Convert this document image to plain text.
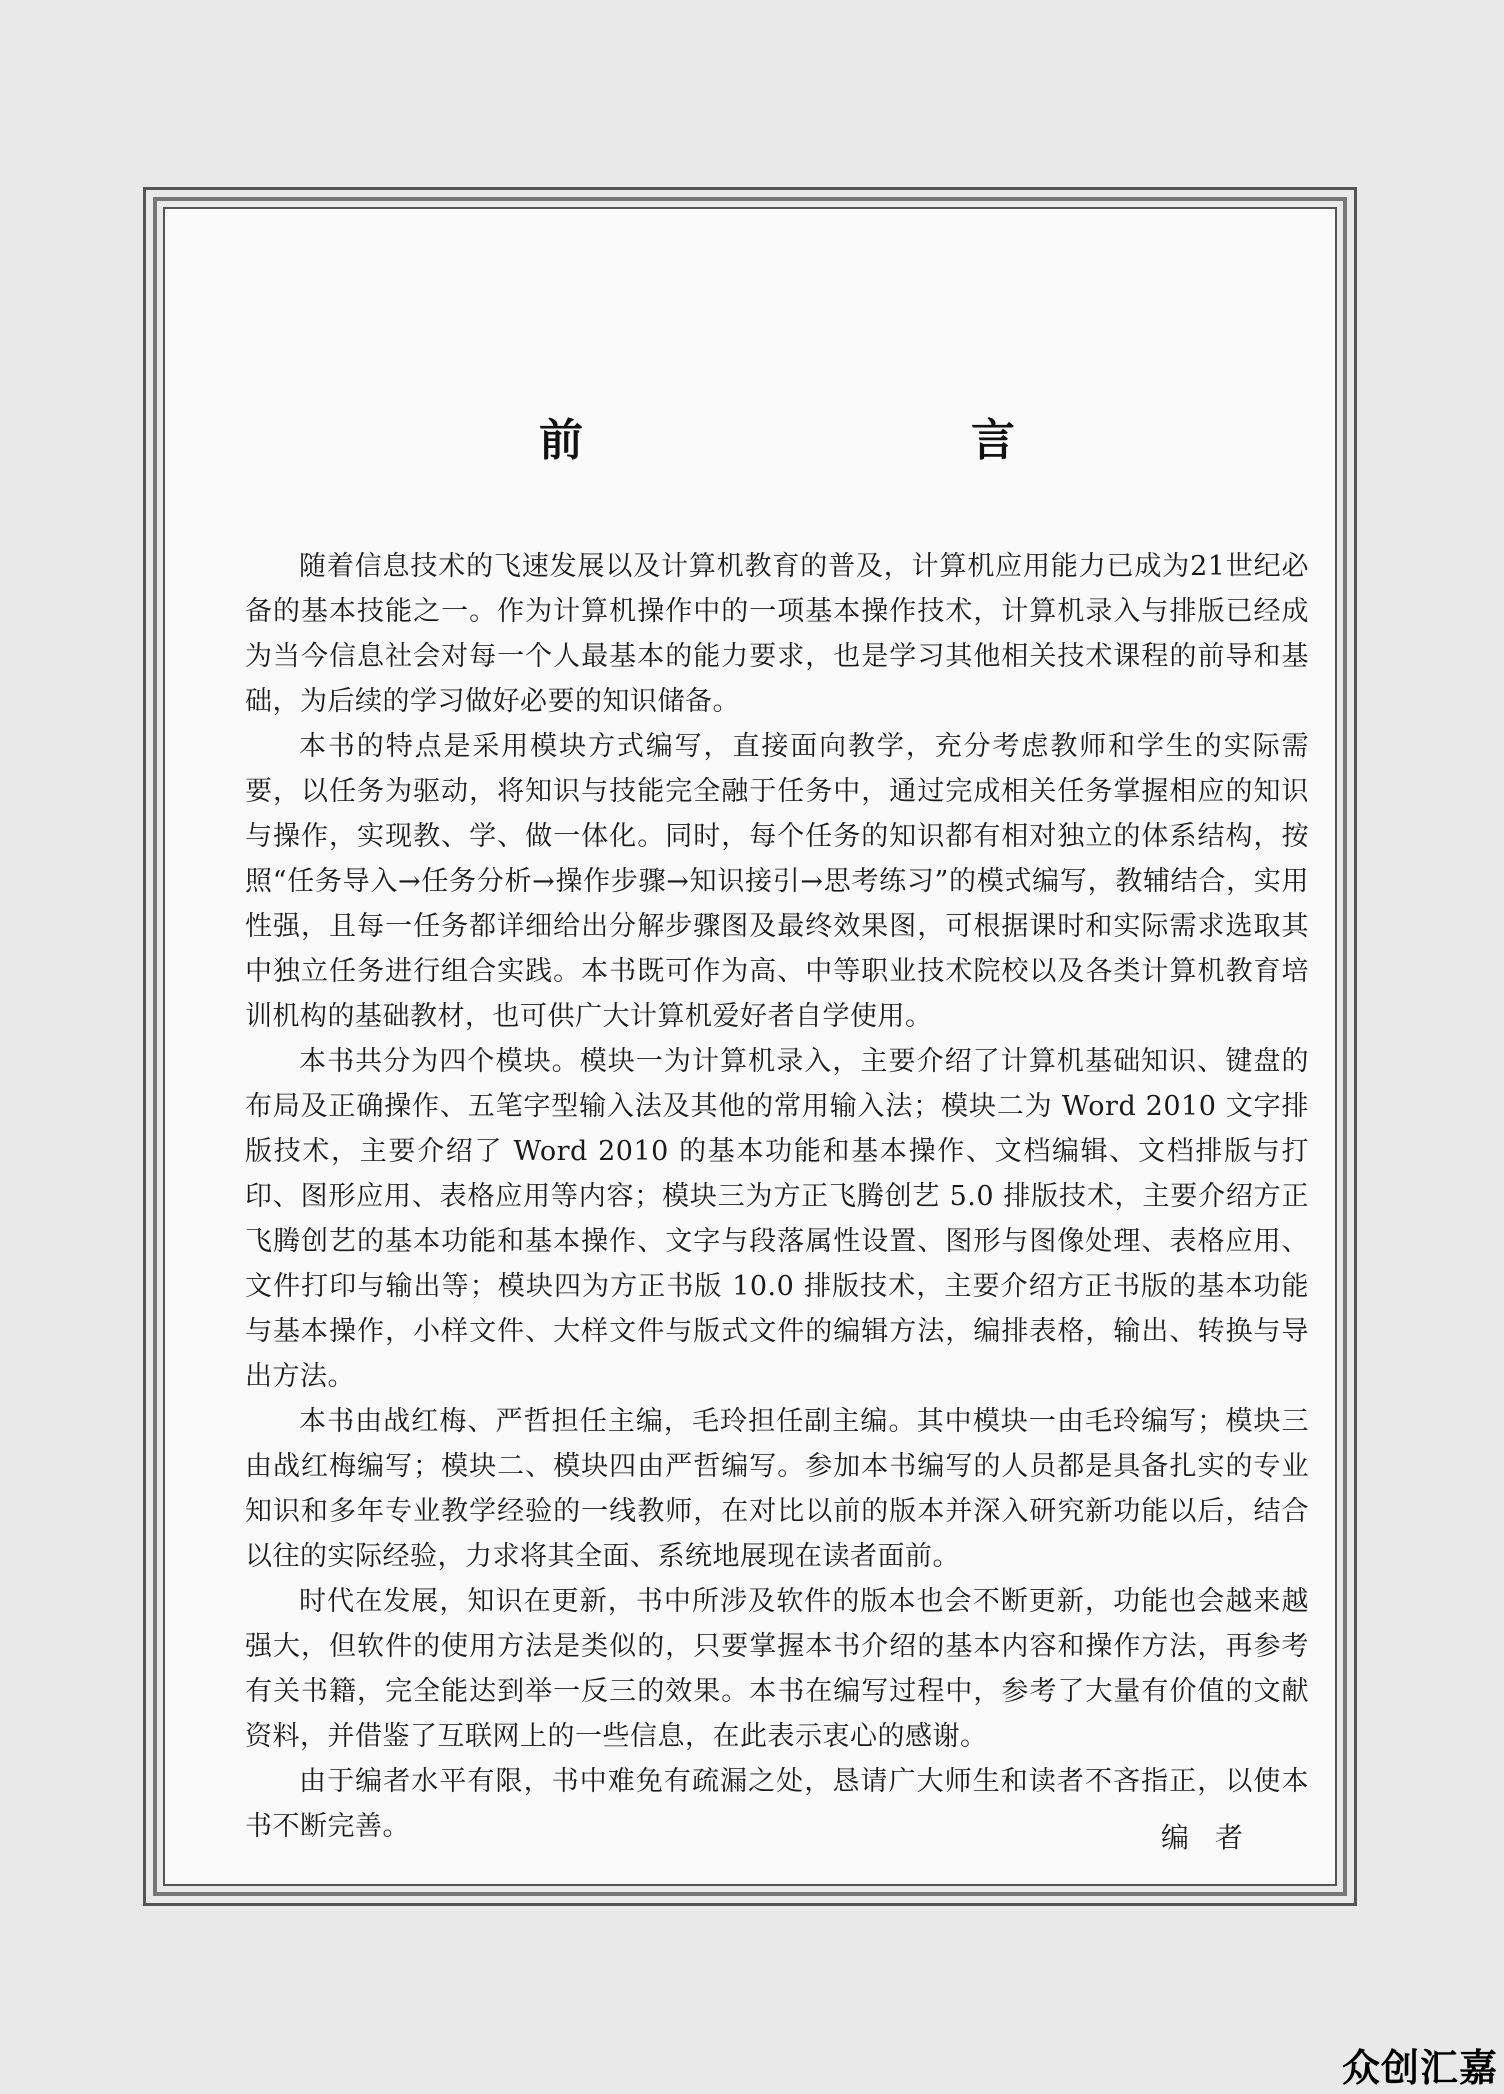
前　　言

随着信息技术的飞速发展以及计算机教育的普及，计算机应用能力已成为21世纪必备的基本技能之一。作为计算机操作中的一项基本操作技术，计算机录入与排版已经成为当今信息社会对每一个人最基本的能力要求，也是学习其他相关技术课程的前导和基础，为后续的学习做好必要的知识储备。

本书的特点是采用模块方式编写，直接面向教学，充分考虑教师和学生的实际需要，以任务为驱动，将知识与技能完全融于任务中，通过完成相关任务掌握相应的知识与操作，实现教、学、做一体化。同时，每个任务的知识都有相对独立的体系结构，按照“任务导入→任务分析→操作步骤→知识接引→思考练习”的模式编写，教辅结合，实用性强，且每一任务都详细给出分解步骤图及最终效果图，可根据课时和实际需求选取其中独立任务进行组合实践。本书既可作为高、中等职业技术院校以及各类计算机教育培训机构的基础教材，也可供广大计算机爱好者自学使用。

本书共分为四个模块。模块一为计算机录入，主要介绍了计算机基础知识、键盘的布局及正确操作、五笔字型输入法及其他的常用输入法；模块二为 Word 2010 文字排版技术，主要介绍了 Word 2010 的基本功能和基本操作、文档编辑、文档排版与打印、图形应用、表格应用等内容；模块三为方正飞腾创艺 5.0 排版技术，主要介绍方正飞腾创艺的基本功能和基本操作、文字与段落属性设置、图形与图像处理、表格应用、文件打印与输出等；模块四为方正书版 10.0 排版技术，主要介绍方正书版的基本功能与基本操作，小样文件、大样文件与版式文件的编辑方法，编排表格，输出、转换与导出方法。

本书由战红梅、严哲担任主编，毛玲担任副主编。其中模块一由毛玲编写；模块三由战红梅编写；模块二、模块四由严哲编写。参加本书编写的人员都是具备扎实的专业知识和多年专业教学经验的一线教师，在对比以前的版本并深入研究新功能以后，结合以往的实际经验，力求将其全面、系统地展现在读者面前。

时代在发展，知识在更新，书中所涉及软件的版本也会不断更新，功能也会越来越强大，但软件的使用方法是类似的，只要掌握本书介绍的基本内容和操作方法，再参考有关书籍，完全能达到举一反三的效果。本书在编写过程中，参考了大量有价值的文献资料，并借鉴了互联网上的一些信息，在此表示衷心的感谢。

由于编者水平有限，书中难免有疏漏之处，恳请广大师生和读者不吝指正，以使本书不断完善。	编者
众创汇嘉
